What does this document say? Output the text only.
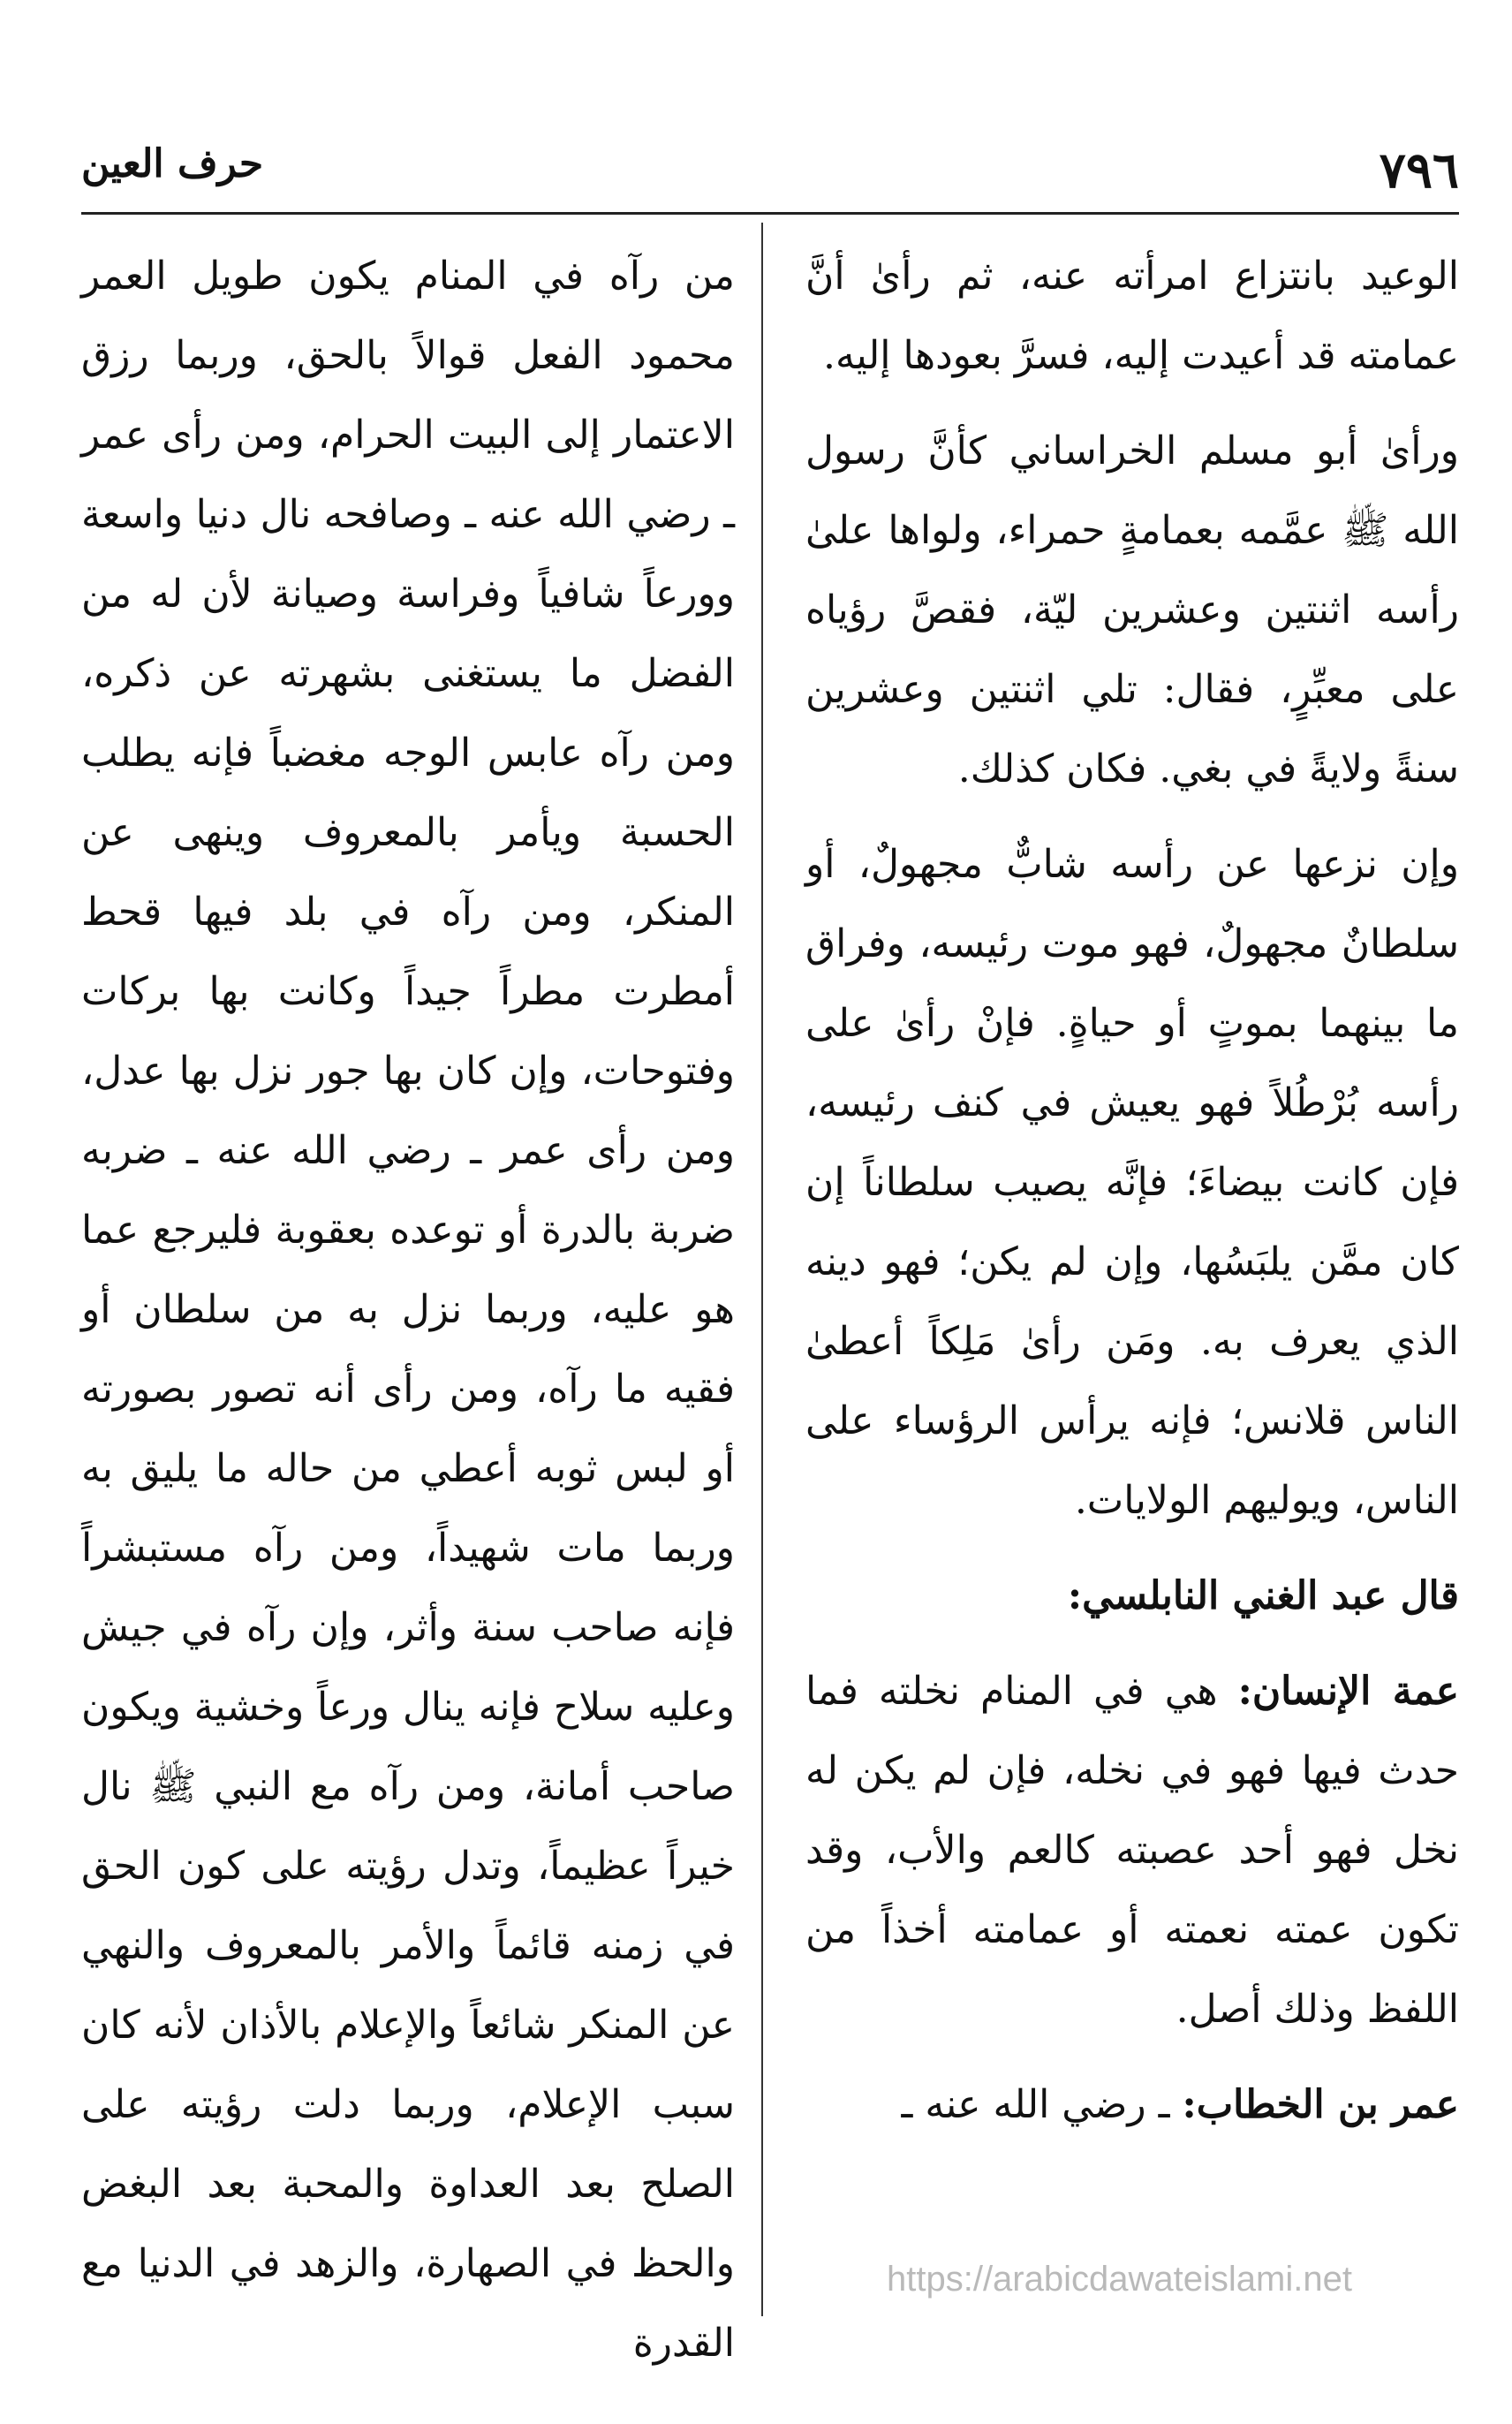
٧٩٦
حرف العين

الوعيد بانتزاع امرأته عنه، ثم رأىٰ أنَّ عمامته قد أعيدت إليه، فسرَّ بعودها إليه.

ورأىٰ أبو مسلم الخراساني كأنَّ رسول الله ﷺ عمَّمه بعمامةٍ حمراء، ولواها علىٰ رأسه اثنتين وعشرين ليّة، فقصَّ رؤياه على معبِّرٍ، فقال: تلي اثنتين وعشرين سنةً ولايةً في بغي. فكان كذلك.

وإن نزعها عن رأسه شابٌّ مجهولٌ، أو سلطانٌ مجهولٌ، فهو موت رئيسه، وفراق ما بينهما بموتٍ أو حياةٍ. فإنْ رأىٰ على رأسه بُرْطُلاً فهو يعيش في كنف رئيسه، فإن كانت بيضاءَ؛ فإنَّه يصيب سلطاناً إن كان ممَّن يلبَسُها، وإن لم يكن؛ فهو دينه الذي يعرف به. ومَن رأىٰ مَلِكاً أعطىٰ الناس قلانس؛ فإنه يرأس الرؤساء على الناس، ويوليهم الولايات.

قال عبد الغني النابلسي:

عمة الإنسان: هي في المنام نخلته فما حدث فيها فهو في نخله، فإن لم يكن له نخل فهو أحد عصبته كالعم والأب، وقد تكون عمته نعمته أو عمامته أخذاً من اللفظ وذلك أصل.

عمر بن الخطاب: ـ رضي الله عنه ـ

من رآه في المنام يكون طويل العمر محمود الفعل قوالاً بالحق، وربما رزق الاعتمار إلى البيت الحرام، ومن رأى عمر ـ رضي الله عنه ـ وصافحه نال دنيا واسعة وورعاً شافياً وفراسة وصيانة لأن له من الفضل ما يستغنى بشهرته عن ذكره، ومن رآه عابس الوجه مغضباً فإنه يطلب الحسبة ويأمر بالمعروف وينهى عن المنكر، ومن رآه في بلد فيها قحط أمطرت مطراً جيداً وكانت بها بركات وفتوحات، وإن كان بها جور نزل بها عدل، ومن رأى عمر ـ رضي الله عنه ـ ضربه ضربة بالدرة أو توعده بعقوبة فليرجع عما هو عليه، وربما نزل به من سلطان أو فقيه ما رآه، ومن رأى أنه تصور بصورته أو لبس ثوبه أعطي من حاله ما يليق به وربما مات شهيداً، ومن رآه مستبشراً فإنه صاحب سنة وأثر، وإن رآه في جيش وعليه سلاح فإنه ينال ورعاً وخشية ويكون صاحب أمانة، ومن رآه مع النبي ﷺ نال خيراً عظيماً، وتدل رؤيته على كون الحق في زمنه قائماً والأمر بالمعروف والنهي عن المنكر شائعاً والإعلام بالأذان لأنه كان سبب الإعلام، وربما دلت رؤيته على الصلح بعد العداوة والمحبة بعد البغض والحظ في الصهارة، والزهد في الدنيا مع القدرة

https://arabicdawateislami.net
